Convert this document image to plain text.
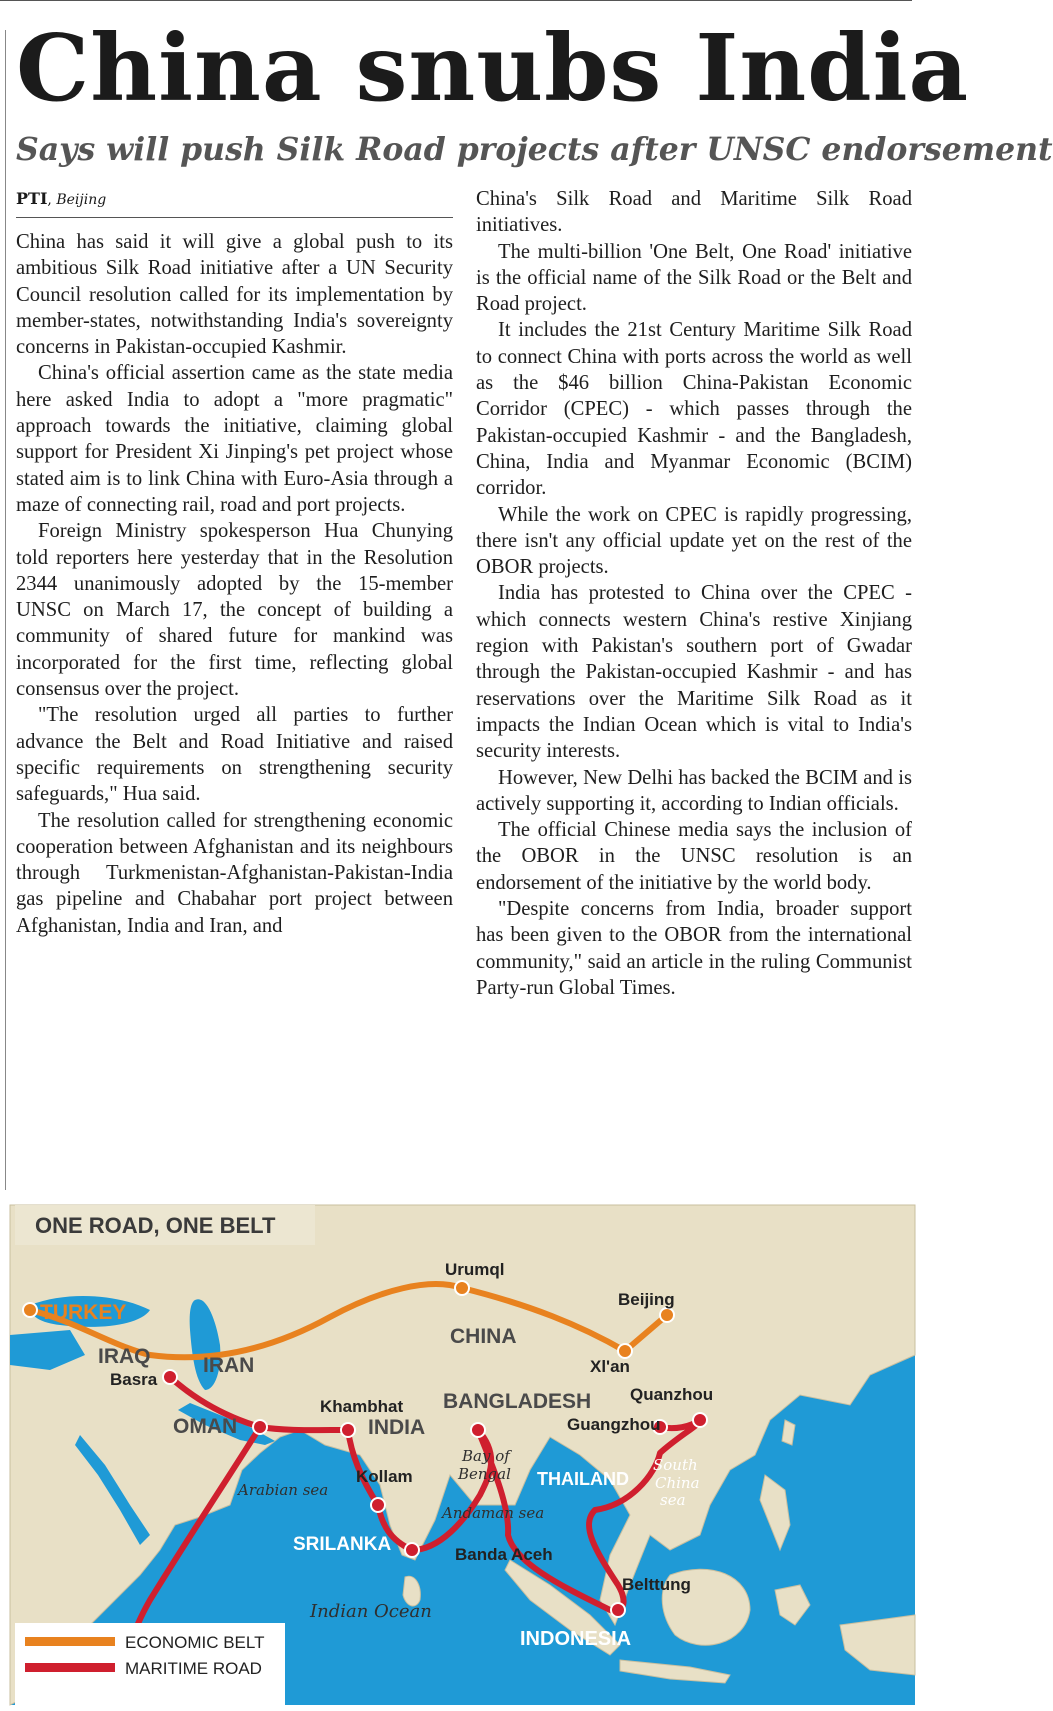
China snubs India
Says will push Silk Road projects after UNSC endorsement
PTI, Beijing

China has said it will give a global push to its ambitious Silk Road initiative after a UN Security Council resolution called for its implementation by member-states, notwithstanding India's sovereignty concerns in Pakistan-occupied Kashmir.

China's official assertion came as the state media here asked India to adopt a "more pragmatic" approach towards the initiative, claiming global support for President Xi Jinping's pet project whose stated aim is to link China with Euro-Asia through a maze of connecting rail, road and port projects.

Foreign Ministry spokesperson Hua Chunying told reporters here yesterday that in the Resolution 2344 unanimously adopted by the 15-member UNSC on March 17, the concept of building a community of shared future for mankind was incorporated for the first time, reflecting global consensus over the project.

"The resolution urged all parties to further advance the Belt and Road Initiative and raised specific requirements on strengthening security safeguards," Hua said.

The resolution called for strengthening economic cooperation between Afghanistan and its neighbours through Turkmenistan-Afghanistan-Pakistan-India gas pipeline and Chabahar port project between Afghanistan, India and Iran, and

China's Silk Road and Maritime Silk Road initiatives.

The multi-billion 'One Belt, One Road' initiative is the official name of the Silk Road or the Belt and Road project.

It includes the 21st Century Maritime Silk Road to connect China with ports across the world as well as the $46 billion China-Pakistan Economic Corridor (CPEC) - which passes through the Pakistan-occupied Kashmir - and the Bangladesh, China, India and Myanmar Economic (BCIM) corridor.

While the work on CPEC is rapidly progressing, there isn't any official update yet on the rest of the OBOR projects.

India has protested to China over the CPEC - which connects western China's restive Xinjiang region with Pakistan's southern port of Gwadar through the Pakistan-occupied Kashmir - and has reservations over the Maritime Silk Road as it impacts the Indian Ocean which is vital to India's security interests.

However, New Delhi has backed the BCIM and is actively supporting it, according to Indian officials.

The official Chinese media says the inclusion of the OBOR in the UNSC resolution is an endorsement of the initiative by the world body.

"Despite concerns from India, broader support has been given to the OBOR from the international community," said an article in the ruling Communist Party-run Global Times.

ONE ROAD, ONE BELT
TURKEY
IRAQ	IRAN
CHINA
OMAN	INDIA
BANGLADESH
THAILAND
SRILANKA
INDONESIA
Urumql
Beijing
Xl'an
Basra
Khambhat
Quanzhou
Guangzhou
Kollam
Banda Aceh
Belttung
Arabian sea
Bay of
Bengal
Andaman sea
South
China
sea
Indian Ocean
ECONOMIC BELT
MARITIME ROAD
